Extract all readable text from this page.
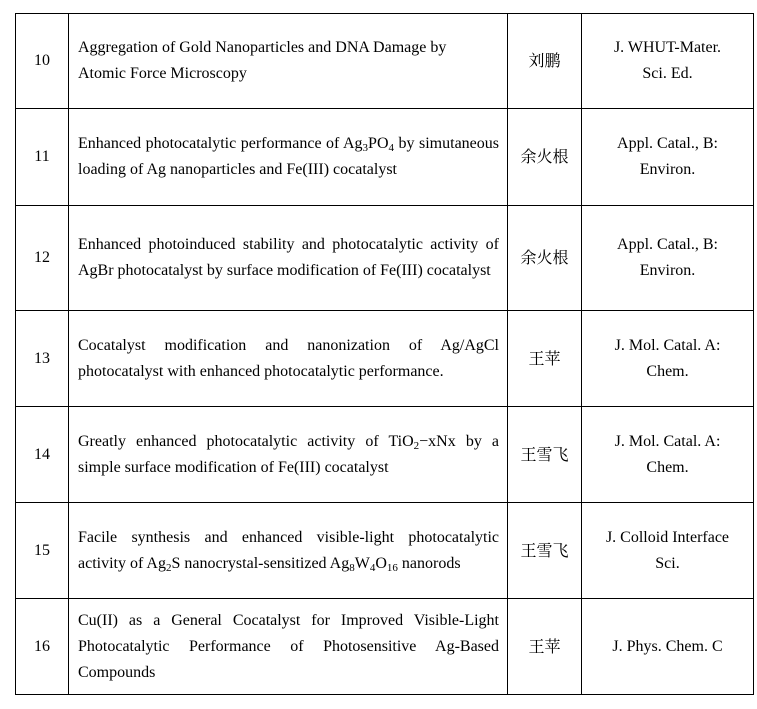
10	Aggregation of Gold Nanoparticles and DNA Damage by
Atomic Force Microscopy	刘鹏	J. WHUT-Mater.
Sci. Ed.

11	Enhanced photocatalytic performance of $Ag_3PO_4$ by simutaneous loading of Ag nanoparticles and Fe(III) cocatalyst	余火根	Appl. Catal., B:
Environ.

12	Enhanced photoinduced stability and photocatalytic activity of AgBr photocatalyst by surface modification of Fe(III) cocatalyst	余火根	Appl. Catal., B:
Environ.

13	Cocatalyst modification and nanonization of Ag/AgCl photocatalyst with enhanced photocatalytic performance.	王苹	J. Mol. Catal. A:
Chem.

14	Greatly enhanced photocatalytic activity of TiO$_2$−xNx by a simple surface modification of Fe(III) cocatalyst	王雪飞	J. Mol. Catal. A:
Chem.

15	Facile synthesis and enhanced visible-light photocatalytic activity of $Ag_2S$ nanocrystal-sensitized $Ag_8W_4O_{16}$ nanorods	王雪飞	J. Colloid Interface
Sci.

16	Cu(II) as a General Cocatalyst for Improved Visible-Light Photocatalytic Performance of Photosensitive Ag-Based Compounds	王苹	J. Phys. Chem. C
